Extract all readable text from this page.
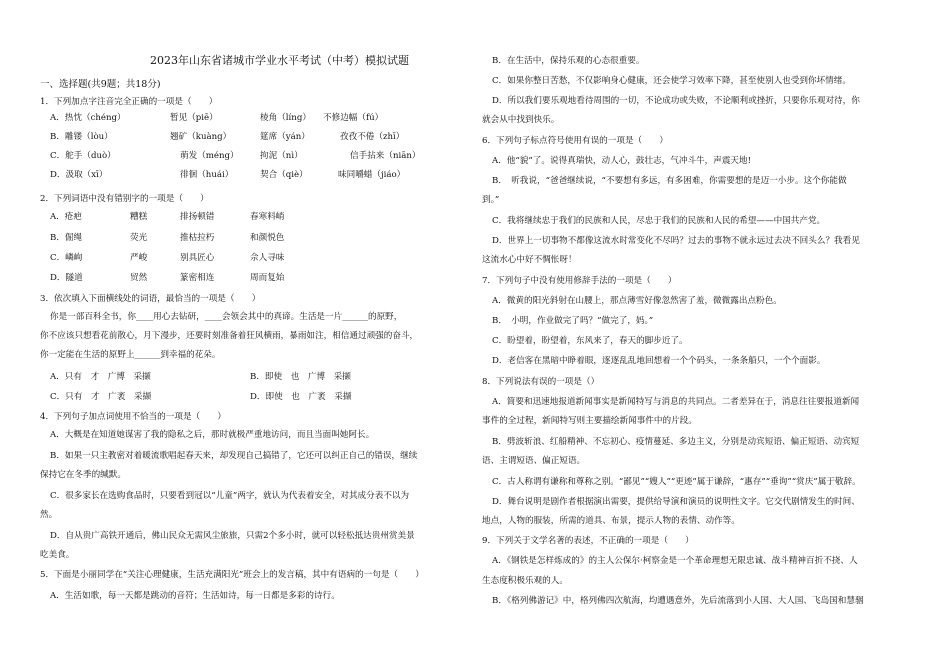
2023年山东省诸城市学业水平考试（中考）模拟试题
一、选择题(共9题；共18分)
1．下列加点字注音完全正确的一项是（　　）
A．热忱（chéng）	暂见（piē）	棱角（líng） 不修边幅（fú）
B．雕镂（lòu）	翘矿（kuàng）	筵席（yán）	孜孜不倦（zhī）
C．舵手（duò）	萌发（méng） 拘泥（nì）	信手拈来（niān）
D．汲取（xī）	徘徊（huái）	契合（qiè）	味同嚼蜡（jiáo）
2．下列词语中没有错别字的一项是（　　）
A．疮疤	糟糕	排扬顿错	春寒料峭
B．倔绳	荧光	推枯拉朽	和颜悦色
C．嶙峋	严峻	别具匠心	佘人寻味
D．隧道	贸然	篆密相连	周而复始
3．依次填入下面横线处的词语，最恰当的一项是（　　）
你是一部百科全书，你____用心去钻研，____会领会其中的真谛。生活是一片______的原野，
你不应该只想看花前散心，月下漫步，还要时刻准备着狂风横雨，暴雨如注，相信通过顽强的奋斗，
你一定能在生活的原野上______到幸福的花朵。
A．只有　才　广博　采撷	B．即使　也　广博　采撷
C．只有　才　广袤　采撷	D．即使　也　广袤　采撷
4．下列句子加点词使用不恰当的一项是（　　）
A．大概是在知道她谋害了我的隐私之后，那时就极严重地访问，而且当面叫她阿长。
B．如果一只主教密对着暖流歌唱起春天来，却发现自己搞错了，它还可以纠正自己的错误，继续
保持它在冬季的缄默。
C．很多家长在选购食品时，只要看到冠以“儿童”两字，就认为代表着安全，对其成分表不以为
然。
D．自从贵广高铁开通后，佛山民众无需风尘旅旅，只需2个多小时，就可以轻松抵达贵州赏美景
吃美食。
5．下面是小丽同学在“关注心理健康，生活充满阳光”班会上的发言稿，其中有语病的一句是（　　）
A．生活如歌，每一天都是跳动的音符；生活如诗，每一日都是多彩的诗行。
B．在生活中，保持乐观的心态很重要。
C．如果你整日苦愁，不仅影响身心健康，还会使学习效率下降，甚至使别人也受到你坏情绪。
D．所以我们要乐观地看待周围的一切，不论成功或失败，不论顺利或挫折，只要你乐观对待，你
就会从中找到快乐。
6．下列句子标点符号使用有误的一项是（　　）
A．他“貌”了。说得真瑞快，动人心，鼓壮志，气冲斗牛，声震天地!
B．　听我说，“爸爸继续说，“不要想有多远，有多困难，你需要想的是迈一小步。这个你能做
到。”
C．我将继续忠于我们的民族和人民，尽忠于我们的民族和人民的希望——中国共产党。
D．世界上一切事物不都像这流水时常变化不尽吗？过去的事物不就永远过去决不回头么？我看见
这流水心中好不惆怅呀！
7．下列句子中没有使用修辞手法的一项是（　　）
A．微黄的阳光斜射在山腰上，那点薄雪好像忽然害了羞，微微露出点粉色。
B．　小明，作业做完了吗？”做完了，妈。”
C．盼望着，盼望着，东风来了，春天的脚步近了。
D．老信客在黑暗中睁着眼，逐逐乱乱地回想着一个个码头，一条条船只，一个个面影。
8．下列说法有误的一项是（）
A．简要和迅速地报道新闻事实是新闻特写与消息的共同点。二者差异在于，消息往往要报道新闻
事件的全过程，新闻特写则主要描绘新闻事件中的片段。
B．劈波斩浪、红船精神、不忘初心、疫情蔓延、多边主义，分别是动宾短语、偏正短语、动宾短
语、主谓短语、偏正短语。
C．古人称谓有谦称和尊称之别。“鄙见”“嫂人”“更迹”属于谦辞，“惠存”“垂询”“赏庆”属于敬辞。
D．舞台说明是剧作者根据演出需要，提供给导演和演员的说明性文字。它交代剧情发生的时间、
地点，人物的服装，所需的道具、布景，提示人物的表情、动作等。
9．下列关于文学名著的表述，不正确的一项是（　　）
A．《钢铁是怎样炼成的》的主人公保尔·柯察金是一个革命理想无限忠诚、战斗精神百折不挠、人
生态度积极乐观的人。
B．《格列佛游记》中，格列佛四次航海，均遭遇意外，先后流落到小人国、大人国、飞岛国和慧骃
